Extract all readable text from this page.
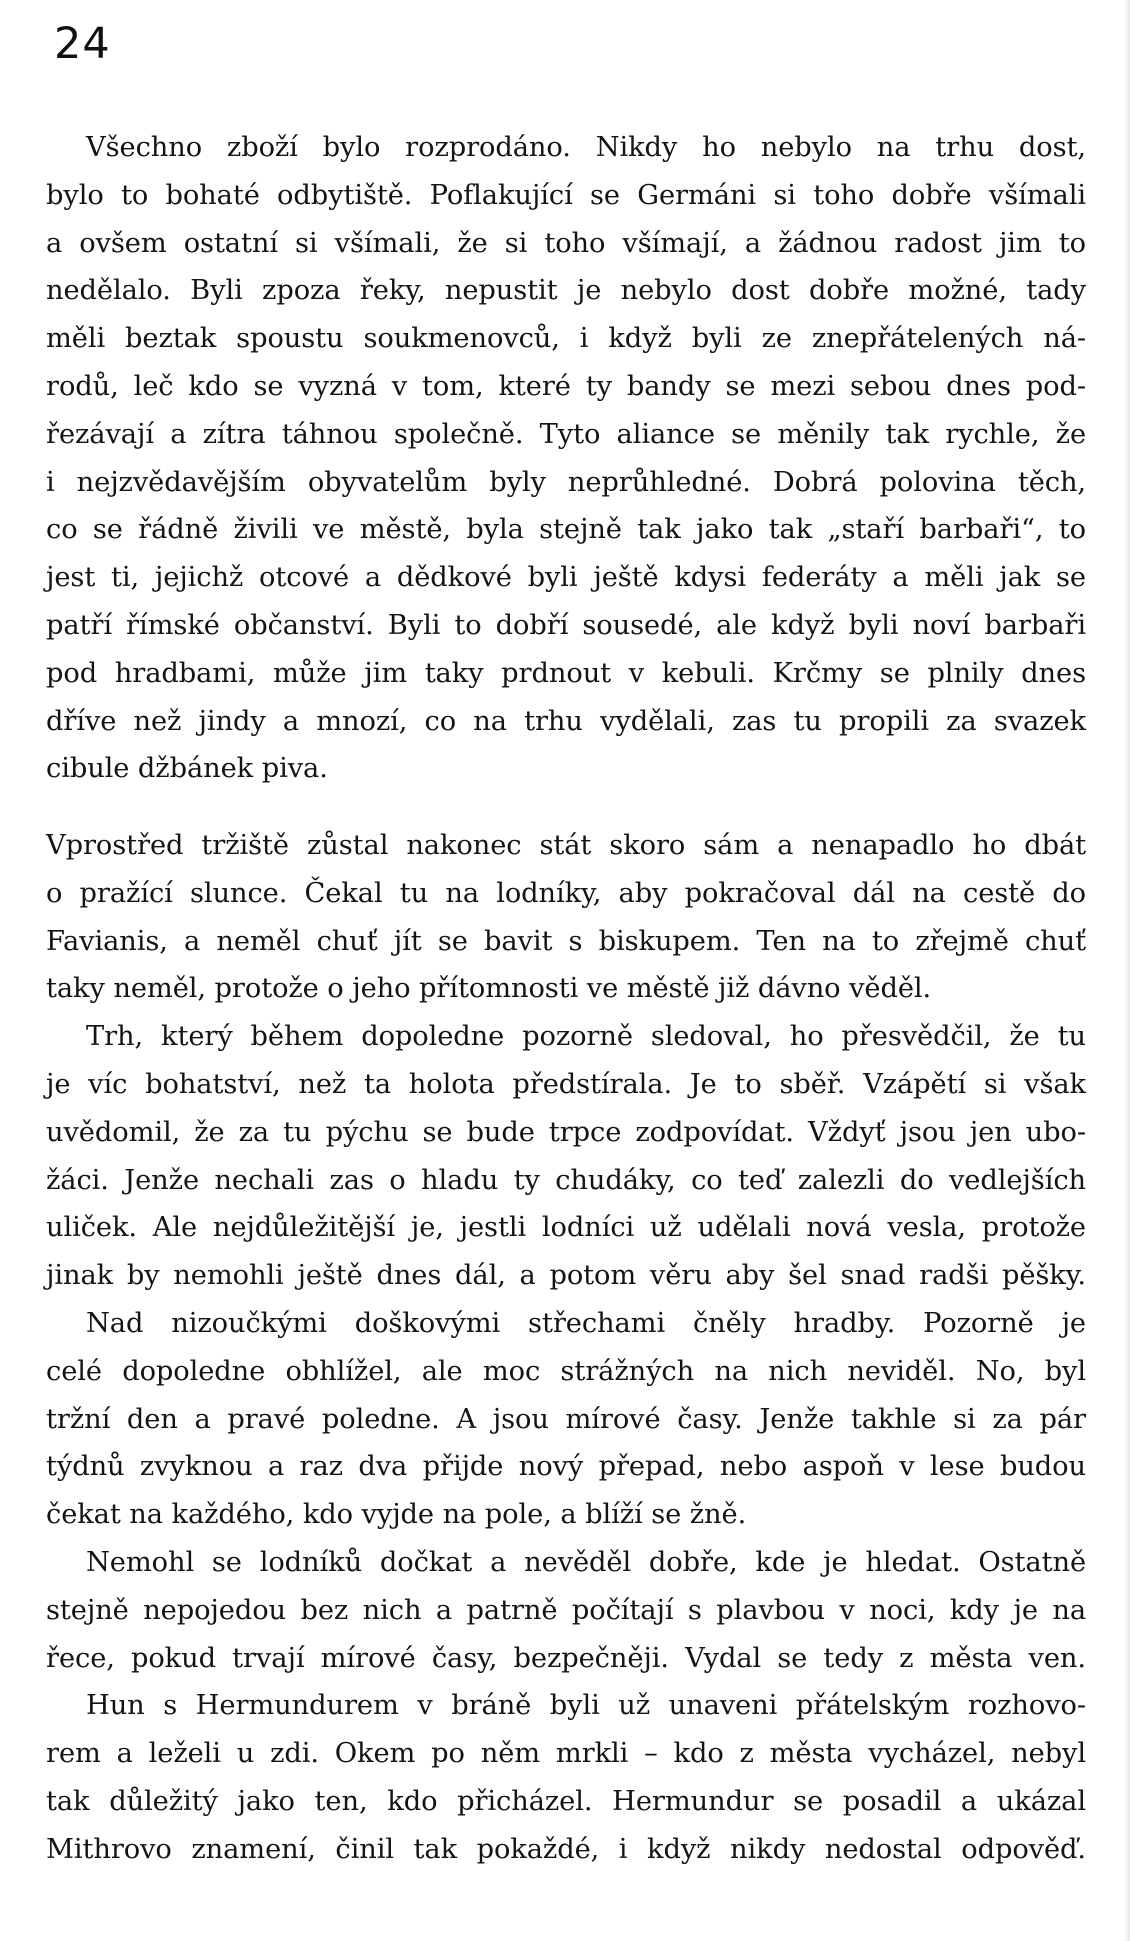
24
Všechno zboží bylo rozprodáno. Nikdy ho nebylo na trhu dost,
bylo to bohaté odbytiště. Poflakující se Germáni si toho dobře všímali
a ovšem ostatní si všímali, že si toho všímají, a žádnou radost jim to
nedělalo. Byli zpoza řeky, nepustit je nebylo dost dobře možné, tady
měli beztak spoustu soukmenovců, i když byli ze znepřátelených ná-
rodů, leč kdo se vyzná v tom, které ty bandy se mezi sebou dnes pod-
řezávají a zítra táhnou společně. Tyto aliance se měnily tak rychle, že
i nejzvědavějším obyvatelům byly neprůhledné. Dobrá polovina těch,
co se řádně živili ve městě, byla stejně tak jako tak „staří barbaři“, to
jest ti, jejichž otcové a dědkové byli ještě kdysi federáty a měli jak se
patří římské občanství. Byli to dobří sousedé, ale když byli noví barbaři
pod hradbami, může jim taky prdnout v kebuli. Krčmy se plnily dnes
dříve než jindy a mnozí, co na trhu vydělali, zas tu propili za svazek
cibule džbánek piva.
Vprostřed tržiště zůstal nakonec stát skoro sám a nenapadlo ho dbát
o pražící slunce. Čekal tu na lodníky, aby pokračoval dál na cestě do
Favianis, a neměl chuť jít se bavit s biskupem. Ten na to zřejmě chuť
taky neměl, protože o jeho přítomnosti ve městě již dávno věděl.
Trh, který během dopoledne pozorně sledoval, ho přesvědčil, že tu
je víc bohatství, než ta holota předstírala. Je to sběř. Vzápětí si však
uvědomil, že za tu pýchu se bude trpce zodpovídat. Vždyť jsou jen ubo-
žáci. Jenže nechali zas o hladu ty chudáky, co teď zalezli do vedlejších
uliček. Ale nejdůležitější je, jestli lodníci už udělali nová vesla, protože
jinak by nemohli ještě dnes dál, a potom věru aby šel snad radši pěšky.
Nad nizoučkými doškovými střechami čněly hradby. Pozorně je
celé dopoledne obhlížel, ale moc strážných na nich neviděl. No, byl
tržní den a pravé poledne. A jsou mírové časy. Jenže takhle si za pár
týdnů zvyknou a raz dva přijde nový přepad, nebo aspoň v lese budou
čekat na každého, kdo vyjde na pole, a blíží se žně.
Nemohl se lodníků dočkat a nevěděl dobře, kde je hledat. Ostatně
stejně nepojedou bez nich a patrně počítají s plavbou v noci, kdy je na
řece, pokud trvají mírové časy, bezpečněji. Vydal se tedy z města ven.
Hun s Hermundurem v bráně byli už unaveni přátelským rozhovo-
rem a leželi u zdi. Okem po něm mrkli – kdo z města vycházel, nebyl
tak důležitý jako ten, kdo přicházel. Hermundur se posadil a ukázal
Mithrovo znamení, činil tak pokaždé, i když nikdy nedostal odpověď.
